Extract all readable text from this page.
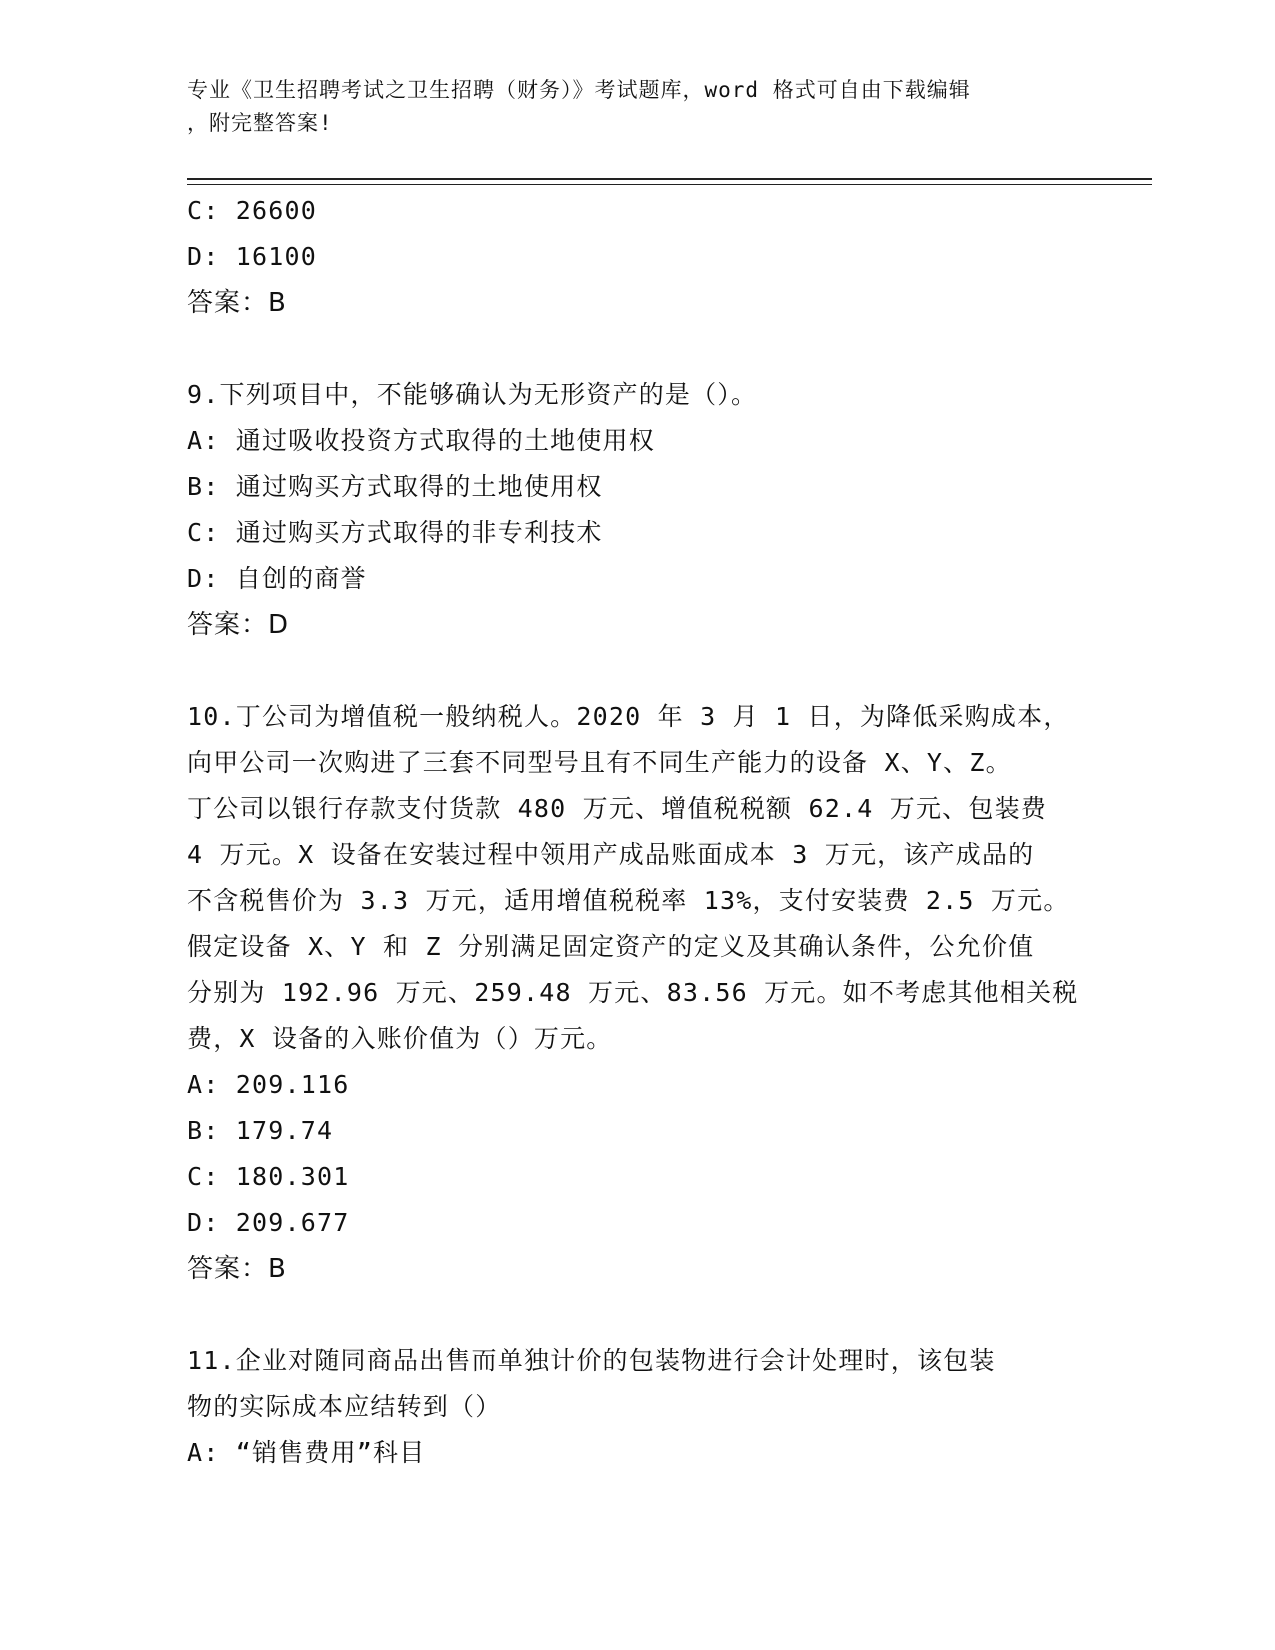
专业《卫生招聘考试之卫生招聘（财务）》考试题库，word 格式可自由下载编辑
，附完整答案!
C: 26600
D: 16100
答案：B
9.下列项目中，不能够确认为无形资产的是（）。
A: 通过吸收投资方式取得的土地使用权
B: 通过购买方式取得的土地使用权
C: 通过购买方式取得的非专利技术
D: 自创的商誉
答案：D
10.丁公司为增值税一般纳税人。2020 年 3 月 1 日，为降低采购成本，
向甲公司一次购进了三套不同型号且有不同生产能力的设备 X、Y、Z。
丁公司以银行存款支付货款 480 万元、增值税税额 62.4 万元、包装费
4 万元。X 设备在安装过程中领用产成品账面成本 3 万元，该产成品的
不含税售价为 3.3 万元，适用增值税税率 13%，支付安装费 2.5 万元。
假定设备 X、Y 和 Z 分别满足固定资产的定义及其确认条件，公允价值
分别为 192.96 万元、259.48 万元、83.56 万元。如不考虑其他相关税
费，X 设备的入账价值为（）万元。
A: 209.116
B: 179.74
C: 180.301
D: 209.677
答案：B
11.企业对随同商品出售而单独计价的包装物进行会计处理时，该包装
物的实际成本应结转到（）
A: “销售费用”科目
